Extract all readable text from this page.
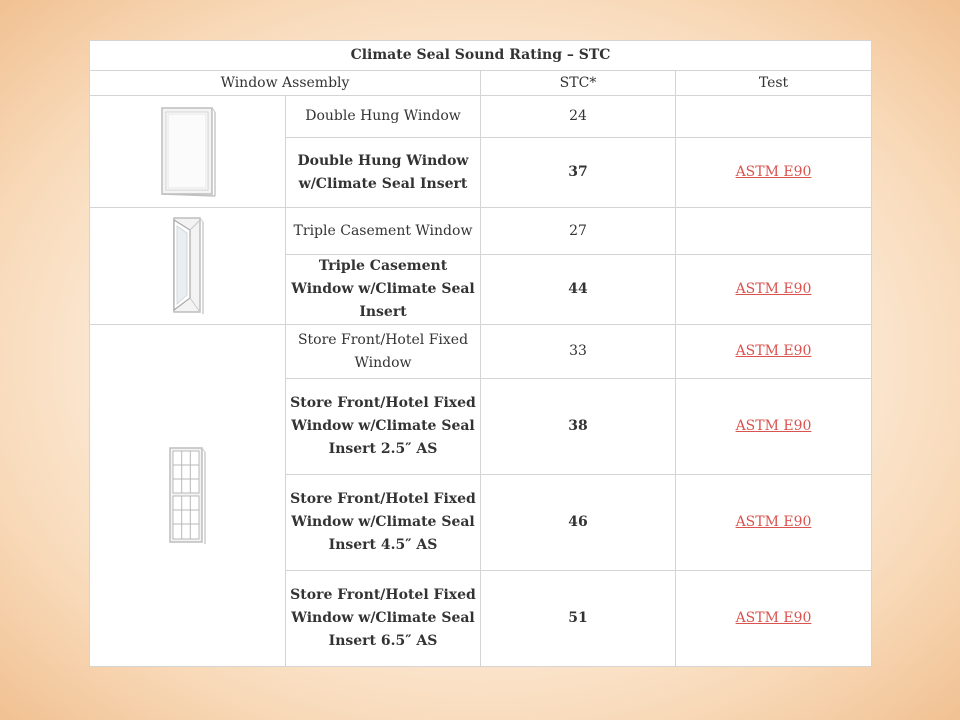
Climate Seal Sound Rating – STC			
Window Assembly		STC*	Test

	Double Hung Window	24	
	Double Hung Window w/Climate Seal Insert	37	ASTM E90

	Triple Casement Window	27	
	Triple Casement Window w/Climate Seal Insert	44	ASTM E90

	Store Front/Hotel Fixed Window	33	ASTM E90
	Store Front/Hotel Fixed Window w/Climate Seal Insert 2.5″ AS	38	ASTM E90
	Store Front/Hotel Fixed Window w/Climate Seal Insert 4.5″ AS	46	ASTM E90
	Store Front/Hotel Fixed Window w/Climate Seal Insert 6.5″ AS	51	ASTM E90
